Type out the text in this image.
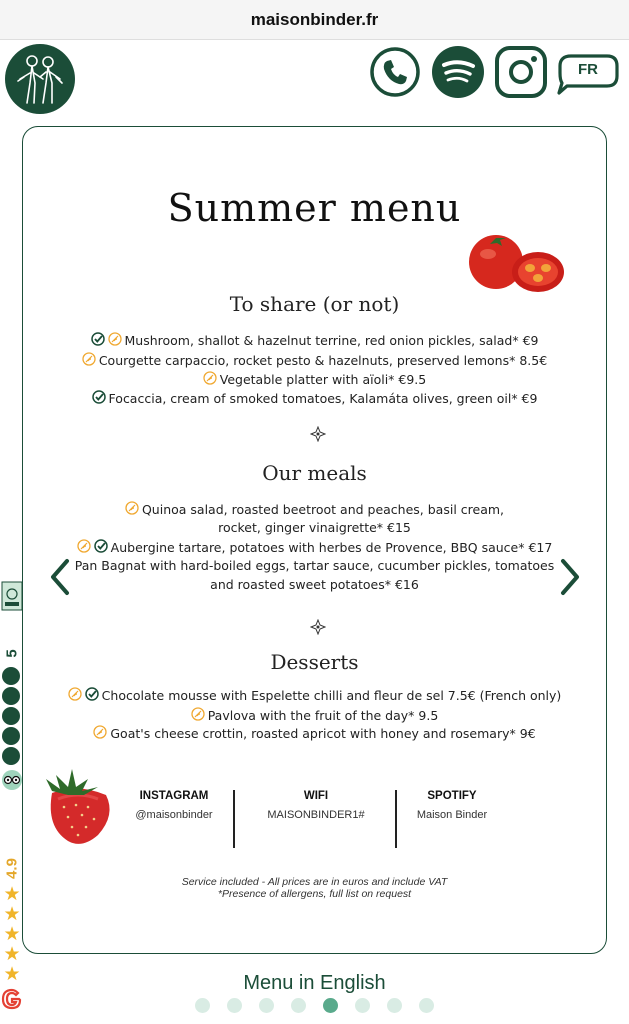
maisonbinder.fr
FR
Summer menu
To share (or not)
Mushroom, shallot & hazelnut terrine, red onion pickles, salad* €9
Courgette carpaccio, rocket pesto & hazelnuts, preserved lemons* 8.5€
Vegetable platter with aïoli* €9.5
Focaccia, cream of smoked tomatoes, Kalamáta olives, green oil* €9
Our meals
Quinoa salad, roasted beetroot and peaches, basil cream,
rocket, ginger vinaigrette* €15
Aubergine tartare, potatoes with herbes de Provence, BBQ sauce* €17
Pan Bagnat with hard-boiled eggs, tartar sauce, cucumber pickles, tomatoes
and roasted sweet potatoes* €16
Desserts
Chocolate mousse with Espelette chilli and fleur de sel 7.5€ (French only)
Pavlova with the fruit of the day* 9.5
Goat's cheese crottin, roasted apricot with honey and rosemary* 9€
INSTAGRAM
@maisonbinder
WIFI
MAISONBINDER1#
SPOTIFY
Maison Binder
Service included - All prices are in euros and include VAT
*Presence of allergens, full list on request
5
4.9
★
★
★
★
★	Menu in English
